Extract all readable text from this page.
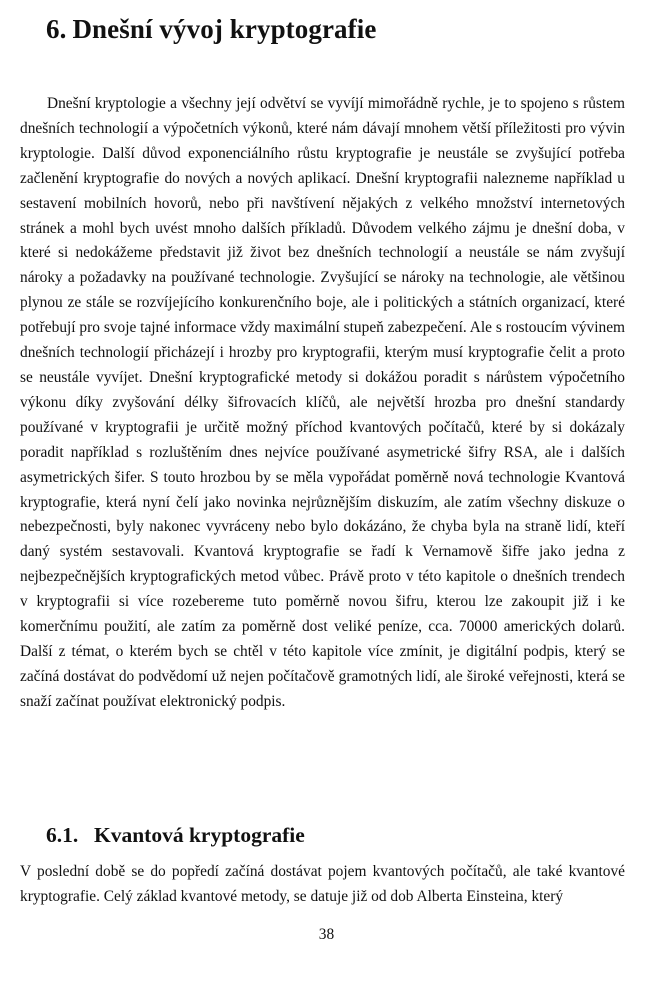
6. Dnešní vývoj kryptografie

Dnešní kryptologie a všechny její odvětví se vyvíjí mimořádně rychle, je to spojeno s růstem dnešních technologií a výpočetních výkonů, které nám dávají mnohem větší příležitosti pro vývin kryptologie. Další důvod exponenciálního růstu kryptografie je neustále se zvyšující potřeba začlenění kryptografie do nových a nových aplikací. Dnešní kryptografii nalezneme například u sestavení mobilních hovorů, nebo při navštívení nějakých z velkého množství internetových stránek a mohl bych uvést mnoho dalších příkladů. Důvodem velkého zájmu je dnešní doba, v které si nedokážeme představit již život bez dnešních technologií a neustále se nám zvyšují nároky a požadavky na používané technologie. Zvyšující se nároky na technologie, ale většinou plynou ze stále se rozvíjejícího konkurenčního boje, ale i politických a státních organizací, které potřebují pro svoje tajné informace vždy maximální stupeň zabezpečení. Ale s rostoucím vývinem dnešních technologií přicházejí i hrozby pro kryptografii, kterým musí kryptografie čelit a proto se neustále vyvíjet. Dnešní kryptografické metody si dokážou poradit s nárůstem výpočetního výkonu díky zvyšování délky šifrovacích klíčů, ale největší hrozba pro dnešní standardy používané v kryptografii je určitě možný příchod kvantových počítačů, které by si dokázaly poradit například s rozluštěním dnes nejvíce používané asymetrické šifry RSA, ale i dalších asymetrických šifer. S touto hrozbou by se měla vypořádat poměrně nová technologie Kvantová kryptografie, která nyní čelí jako novinka nejrůznějším diskuzím, ale zatím všechny diskuze o nebezpečnosti, byly nakonec vyvráceny nebo bylo dokázáno, že chyba byla na straně lidí, kteří daný systém sestavovali. Kvantová kryptografie se řadí k Vernamově šifře jako jedna z nejbezpečnějších kryptografických metod vůbec. Právě proto v této kapitole o dnešních trendech v kryptografii si více rozebereme tuto poměrně novou šifru, kterou lze zakoupit již i ke komerčnímu použití, ale zatím za poměrně dost veliké peníze, cca. 70000 amerických dolarů. Další z témat, o kterém bych se chtěl v této kapitole více zmínit, je digitální podpis, který se začíná dostávat do podvědomí už nejen počítačově gramotných lidí, ale široké veřejnosti, která se snaží začínat používat elektronický podpis.

6.1. Kvantová kryptografie

V poslední době se do popředí začíná dostávat pojem kvantových počítačů, ale také kvantové kryptografie. Celý základ kvantové metody, se datuje již od dob Alberta Einsteina, který

38
